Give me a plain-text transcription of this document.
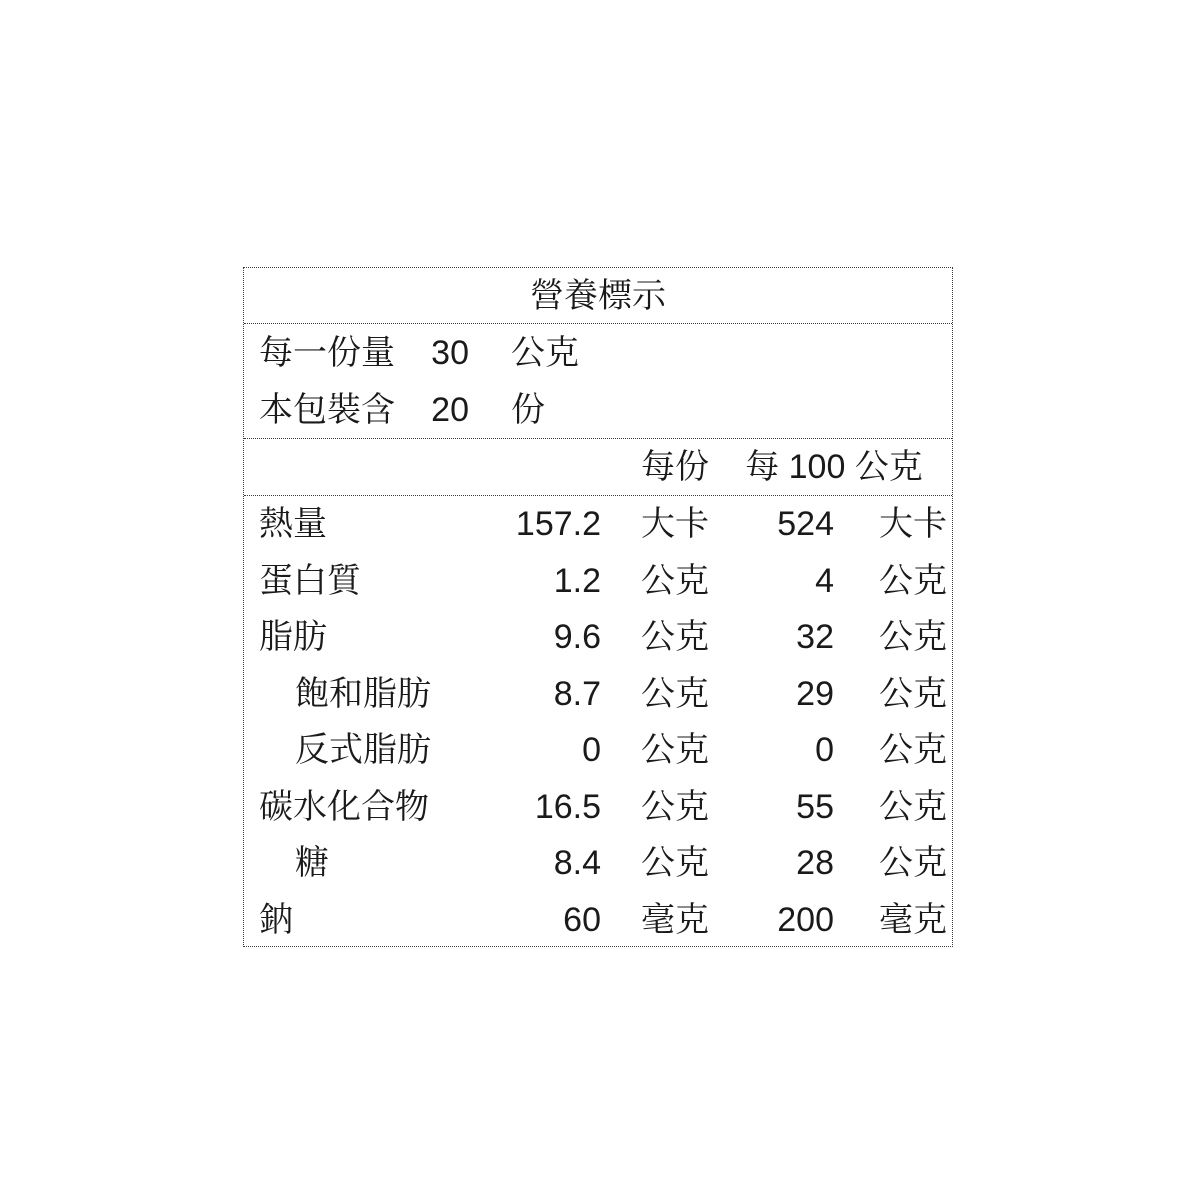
營養標示
每一份量	30 公克
本包裝含	20 份
每份	每 100 公克
熱量	157.2 大卡	524 大卡
蛋白質	1.2 公克	4 公克
脂肪	9.6 公克	32 公克
飽和脂肪	8.7 公克	29 公克
反式脂肪	0 公克	0 公克
碳水化合物	16.5 公克	55 公克
糖	8.4 公克	28 公克
鈉	60 毫克	200 毫克
